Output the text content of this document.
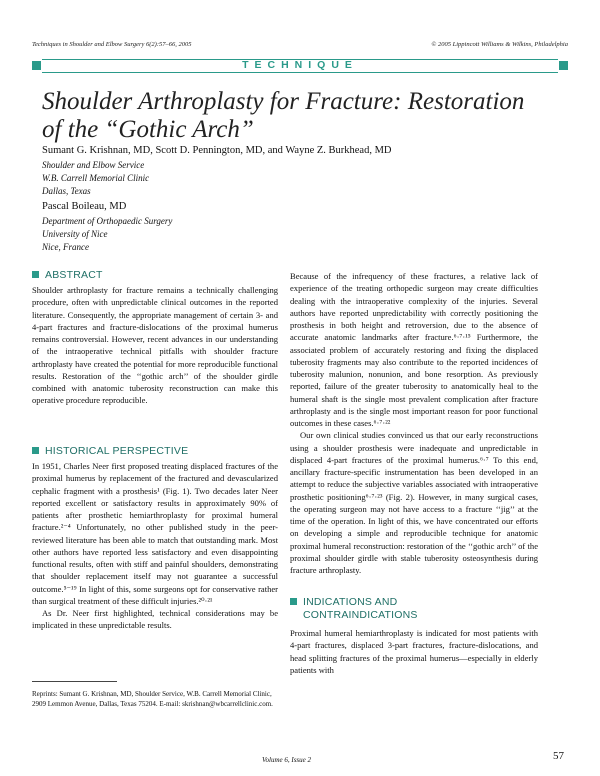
Techniques in Shoulder and Elbow Surgery 6(2):57–66, 2005	© 2005 Lippincott Williams & Wilkins, Philadelphia
TECHNIQUE
Shoulder Arthroplasty for Fracture: Restoration
of the “Gothic Arch”
Sumant G. Krishnan, MD, Scott D. Pennington, MD, and Wayne Z. Burkhead, MD
Shoulder and Elbow Service
W.B. Carrell Memorial Clinic
Dallas, Texas
Pascal Boileau, MD
Department of Orthopaedic Surgery
University of Nice
Nice, France
ABSTRACT

Shoulder arthroplasty for fracture remains a technically challenging procedure, often with unpredictable clinical outcomes in the reported literature. Consequently, the appropriate management of certain 3- and 4-part fractures and fracture-dislocations of the proximal humerus remains controversial. However, recent advances in our understanding of the intraoperative technical pitfalls with shoulder fracture arthroplasty have created the potential for more reproducible functional results. Restoration of the ‘‘gothic arch’’ of the shoulder girdle combined with anatomic tuberosity reconstruction can make this operative procedure reproducible.

HISTORICAL PERSPECTIVE

In 1951, Charles Neer first proposed treating displaced fractures of the proximal humerus by replacement of the fractured and devascularized cephalic fragment with a prosthesis¹ (Fig. 1). Two decades later Neer reported excellent or satisfactory results in approximately 90% of patients after prosthetic hemiarthroplasty for proximal humeral fracture.²⁻⁴ Unfortunately, no other published study in the peer-reviewed literature has been able to match that outstanding mark. Most other authors have reported less satisfactory and even disappointing functional results, often with stiff and painful shoulders, demonstrating that shoulder replacement itself may not guarantee a successful outcome.⁵⁻¹⁹ In light of this, some surgeons opt for conservative rather than surgical treatment of these difficult injuries.²⁰·²¹

As Dr. Neer first highlighted, technical considerations may be implicated in these unpredictable results.

Reprints: Sumant G. Krishnan, MD, Shoulder Service, W.B. Carrell Memorial Clinic, 2909 Lemmon Avenue, Dallas, Texas 75204. E-mail: skrishnan@wbcarrellclinic.com.

Because of the infrequency of these fractures, a relative lack of experience of the treating orthopedic surgeon may create difficulties dealing with the intraoperative complexity of the injuries. Several authors have reported unpredictability with correctly positioning the prosthesis in both height and retroversion, due to the absence of accurate anatomic landmarks after fracture.⁶·⁷·¹⁵ Furthermore, the associated problem of accurately restoring and fixing the displaced tuberosity fragments may also contribute to the reported incidences of tuberosity malunion, nonunion, and bone resorption. As previously reported, failure of the greater tuberosity to anatomically heal to the humeral shaft is the single most prevalent complication after fracture arthroplasty and is the single most important reason for poor functional outcomes in these cases.⁶·⁷·²²

Our own clinical studies convinced us that our early reconstructions using a shoulder prosthesis were inadequate and unpredictable in displaced 4-part fractures of the proximal humerus.⁶·⁷ To this end, ancillary fracture-specific instrumentation has been developed in an attempt to reduce the subjective variables associated with intraoperative prosthetic positioning⁶·⁷·²³ (Fig. 2). However, in many surgical cases, the operating surgeon may not have access to a fracture ‘‘jig’’ at the time of the operation. In light of this, we have concentrated our efforts on developing a simple and reproducible technique for anatomic proximal humeral reconstruction: restoration of the ‘‘gothic arch’’ of the proximal shoulder girdle with stable tuberosity osteosynthesis during fracture arthroplasty.

INDICATIONS AND
CONTRAINDICATIONS

Proximal humeral hemiarthroplasty is indicated for most patients with 4-part fractures, displaced 3-part fractures, fracture-dislocations, and head splitting fractures of the proximal humerus—especially in elderly patients with

Volume 6, Issue 2	57
